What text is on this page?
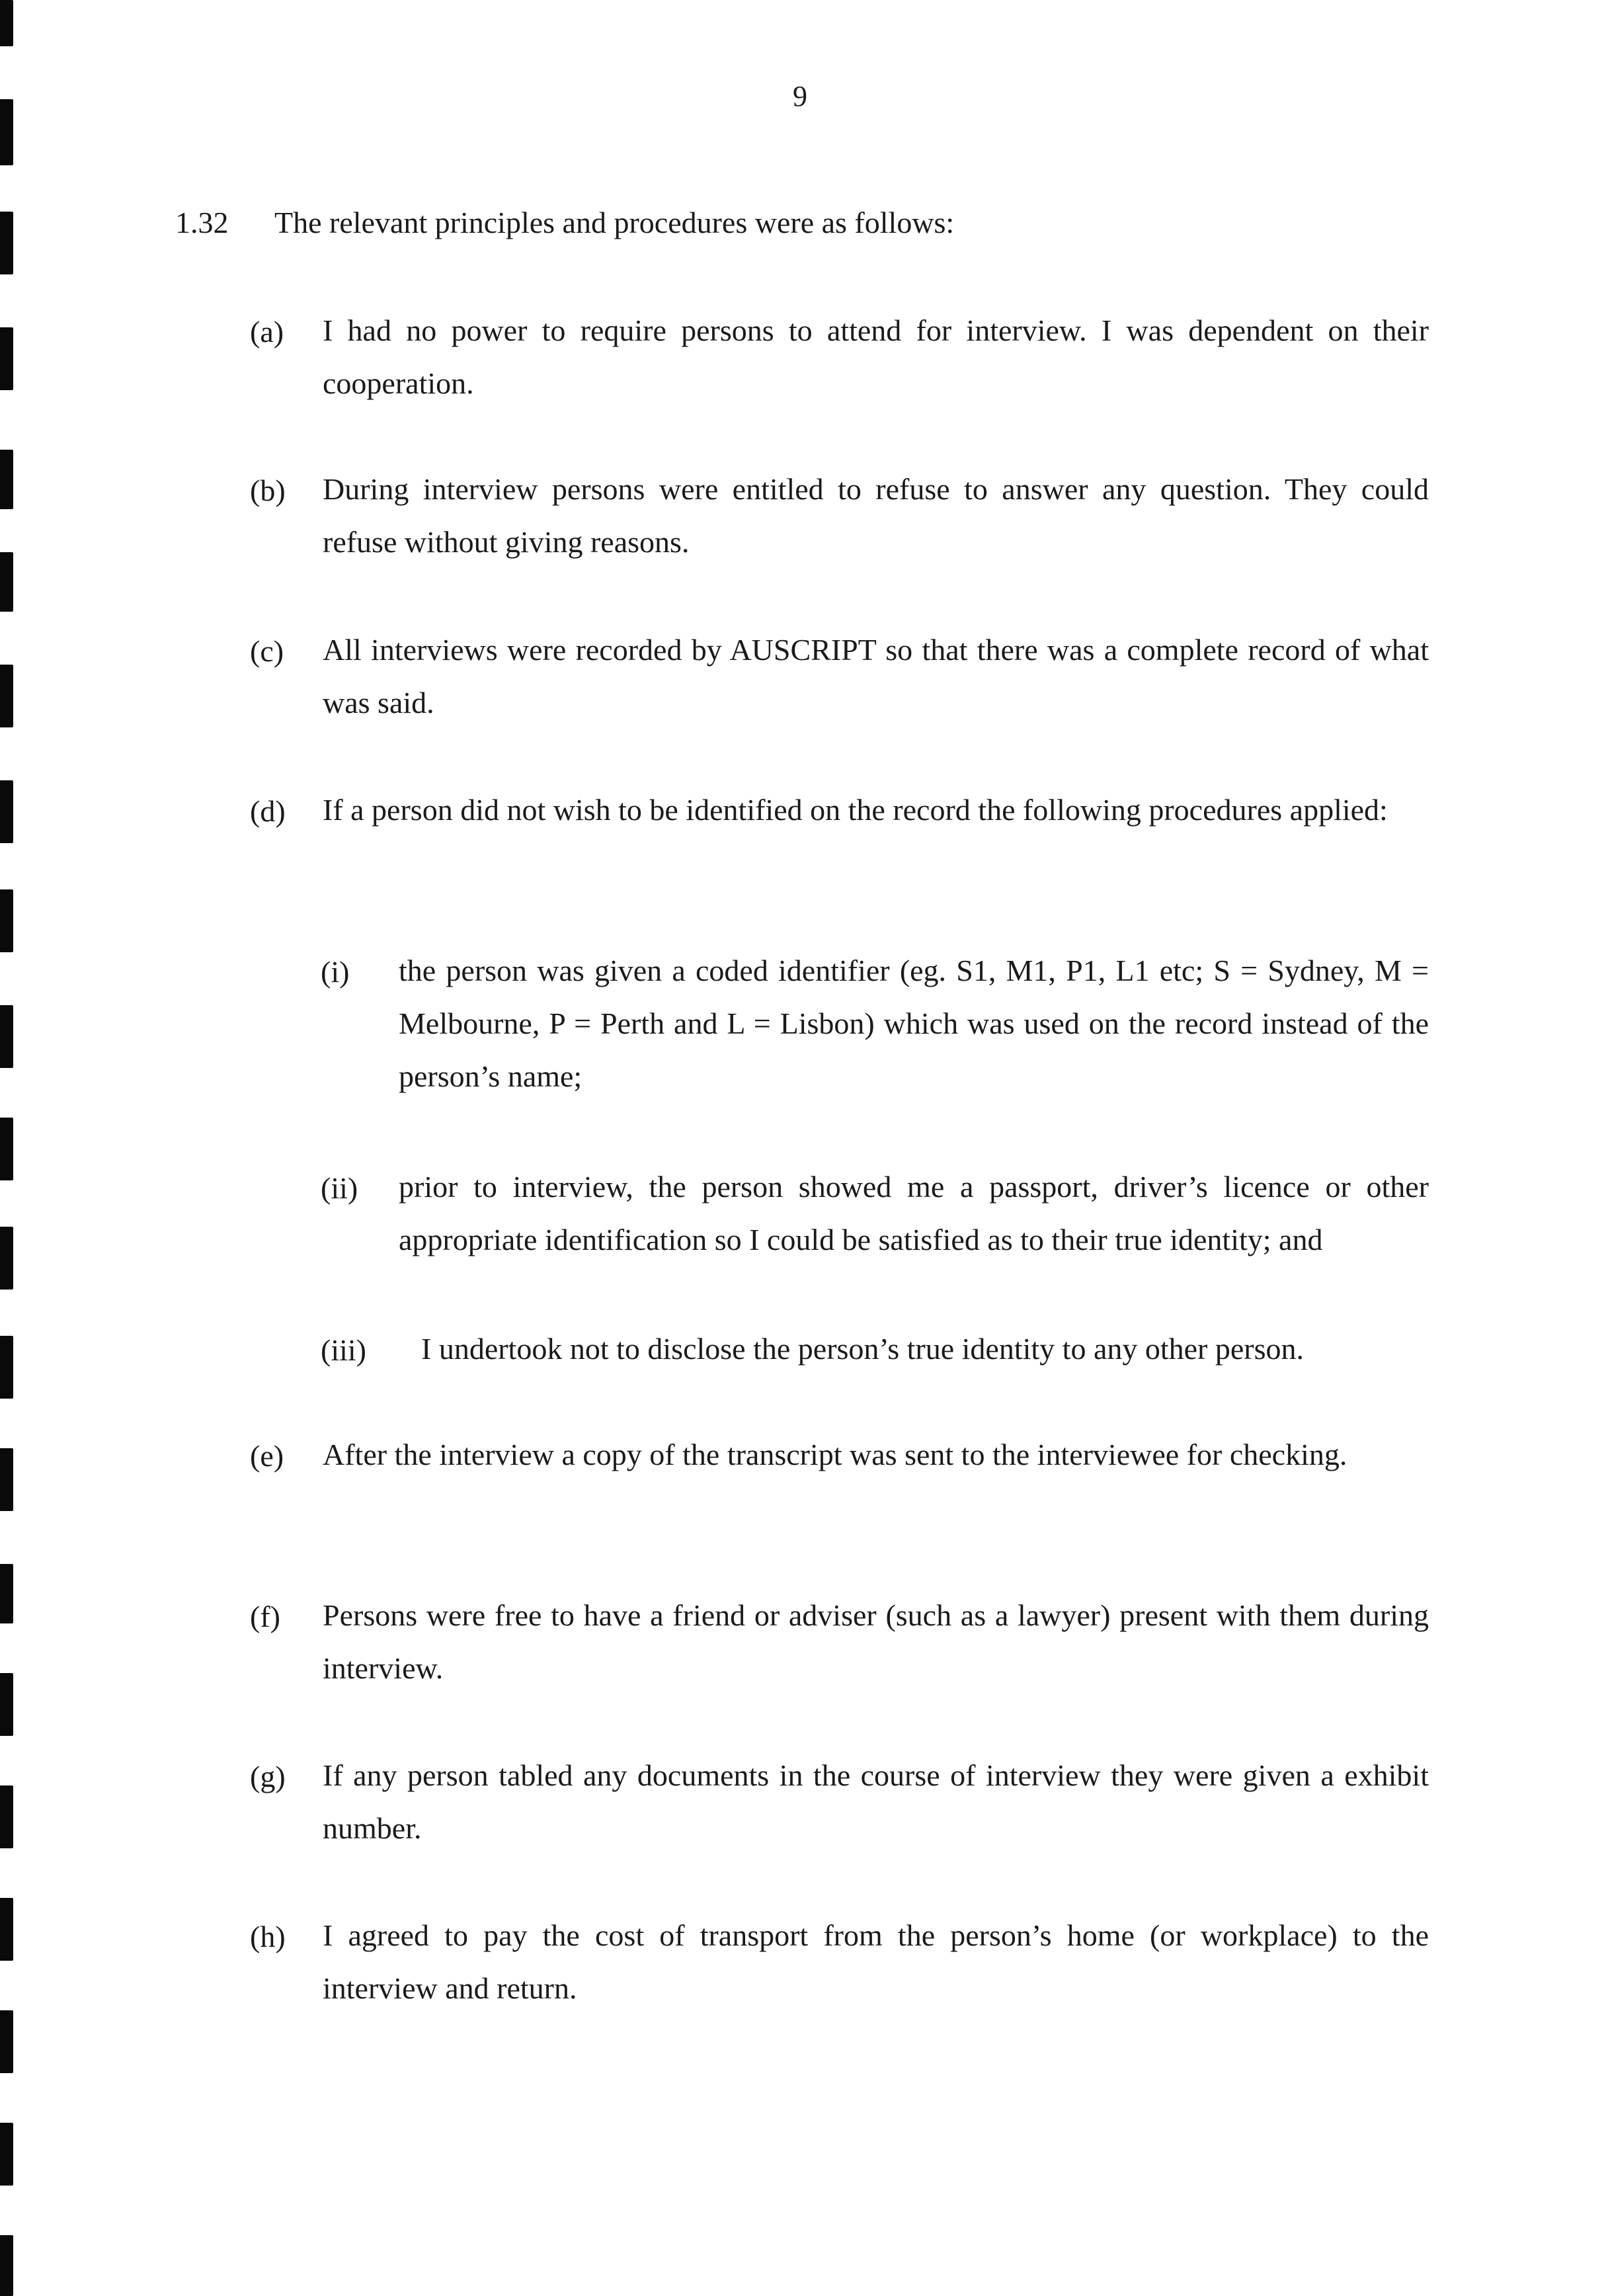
9
1.32 The relevant principles and procedures were as follows:
(a) I had no power to require persons to attend for interview. I was dependent on their cooperation.
(b) During interview persons were entitled to refuse to answer any question. They could refuse without giving reasons.
(c) All interviews were recorded by AUSCRIPT so that there was a complete record of what was said.
(d) If a person did not wish to be identified on the record the following procedures applied:
(i) the person was given a coded identifier (eg. S1, M1, P1, L1 etc; S = Sydney, M = Melbourne, P = Perth and L = Lisbon) which was used on the record instead of the person’s name;
(ii) prior to interview, the person showed me a passport, driver’s licence or other appropriate identification so I could be satisfied as to their true identity; and
(iii) I undertook not to disclose the person’s true identity to any other person.
(e) After the interview a copy of the transcript was sent to the interviewee for checking.
(f) Persons were free to have a friend or adviser (such as a lawyer) present with them during interview.
(g) If any person tabled any documents in the course of interview they were given a exhibit number.
(h) I agreed to pay the cost of transport from the person’s home (or workplace) to the interview and return.
